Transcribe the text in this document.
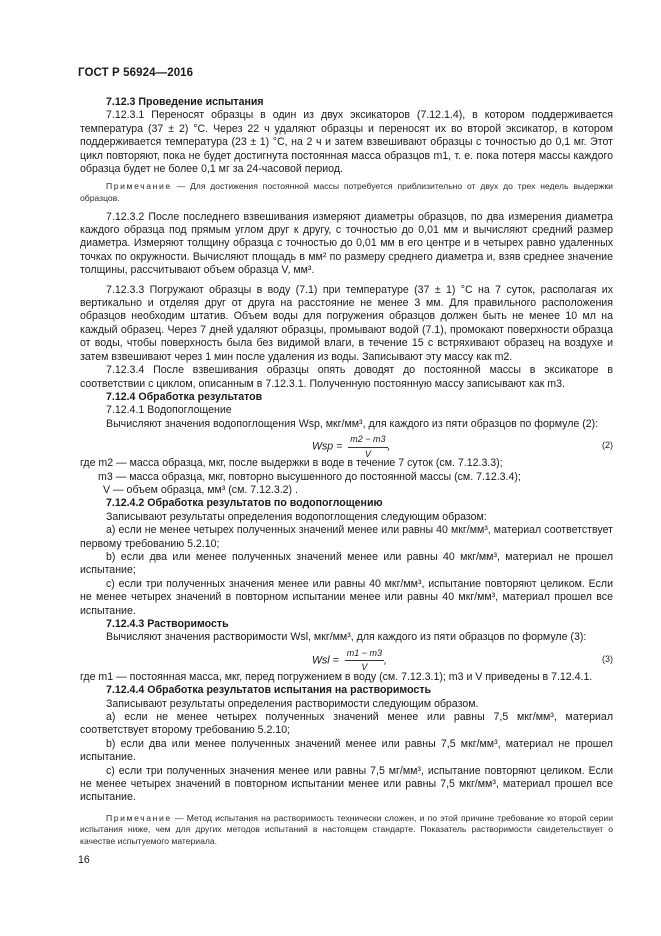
ГОСТ Р 56924—2016

7.12.3 Проведение испытания

7.12.3.1 Переносят образцы в один из двух эксикаторов (7.12.1.4), в котором поддерживается температура (37 ± 2) °С. Через 22 ч удаляют образцы и переносят их во второй эксикатор, в котором поддерживается температура (23 ± 1) °С, на 2 ч и затем взвешивают образцы с точностью до 0,1 мг. Этот цикл повторяют, пока не будет достигнута постоянная масса образцов m1, т. е. пока потеря массы каждого образца будет не более 0,1 мг за 24-часовой период.

Примечание — Для достижения постоянной массы потребуется приблизительно от двух до трех недель выдержки образцов.

7.12.3.2 После последнего взвешивания измеряют диаметры образцов, по два измерения диаметра каждого образца под прямым углом друг к другу, с точностью до 0,01 мм и вычисляют средний размер диаметра. Измеряют толщину образца с точностью до 0,01 мм в его центре и в четырех равно удаленных точках по окружности. Вычисляют площадь в мм² по размеру среднего диаметра и, взяв среднее значение толщины, рассчитывают объем образца V, мм³.

7.12.3.3 Погружают образцы в воду (7.1) при температуре (37 ± 1) °С на 7 суток, располагая их вертикально и отделяя друг от друга на расстояние не менее 3 мм. Для правильного расположения образцов необходим штатив. Объем воды для погружения образцов должен быть не менее 10 мл на каждый образец. Через 7 дней удаляют образцы, промывают водой (7.1), промокают поверхности образца от воды, чтобы поверхность была без видимой влаги, в течение 15 с встряхивают образец на воздухе и затем взвешивают через 1 мин после удаления из воды. Записывают эту массу как m2.

7.12.3.4 После взвешивания образцы опять доводят до постоянной массы в эксикаторе в соответствии с циклом, описанным в 7.12.3.1. Полученную постоянную массу записывают как m3.

7.12.4 Обработка результатов

7.12.4.1 Водопоглощение

Вычисляют значения водопоглощения Wsp, мкг/мм³, для каждого из пяти образцов по формуле (2):

Wsp = $\frac{m2 - m3}{V}$ ,	(2)

где m2 — масса образца, мкг, после выдержки в воде в течение 7 суток (см. 7.12.3.3);

m3 — масса образца, мкг, повторно высушенного до постоянной массы (см. 7.12.3.4);

V — объем образца, мм³ (см. 7.12.3.2) .

7.12.4.2 Обработка результатов по водопоглощению

Записывают результаты определения водопоглощения следующим образом:

а) если не менее четырех полученных значений менее или равны 40 мкг/мм³, материал соответствует первому требованию 5.2.10;

b) если два или менее полученных значений менее или равны 40 мкг/мм³, материал не прошел испытание;

c) если три полученных значения менее или равны 40 мкг/мм³, испытание повторяют целиком. Если не менее четырех значений в повторном испытании менее или равны 40 мкг/мм³, материал прошел все испытание.

7.12.4.3 Растворимость

Вычисляют значения растворимости Wsl, мкг/мм³, для каждого из пяти образцов по формуле (3):

Wsl = $\frac{m1 - m3}{V}$ ,	(3)

где m1 — постоянная масса, мкг, перед погружением в воду (см. 7.12.3.1); m3 и V приведены в 7.12.4.1.

7.12.4.4 Обработка результатов испытания на растворимость

Записывают результаты определения растворимости следующим образом.

а) если не менее четырех полученных значений менее или равны 7,5 мкг/мм³, материал соответствует второму требованию 5.2.10;

b) если два или менее полученных значений менее или равны 7,5 мкг/мм³, материал не прошел испытание.

c) если три полученных значения менее или равны 7,5 мг/мм³, испытание повторяют целиком. Если не менее четырех значений в повторном испытании менее или равны 7,5 мкг/мм³, материал прошел все испытание.

Примечание — Метод испытания на растворимость технически сложен, и по этой причине требование ко второй серии испытания ниже, чем для других методов испытаний в настоящем стандарте. Показатель растворимости свидетельствует о качестве испытуемого материала.

16
